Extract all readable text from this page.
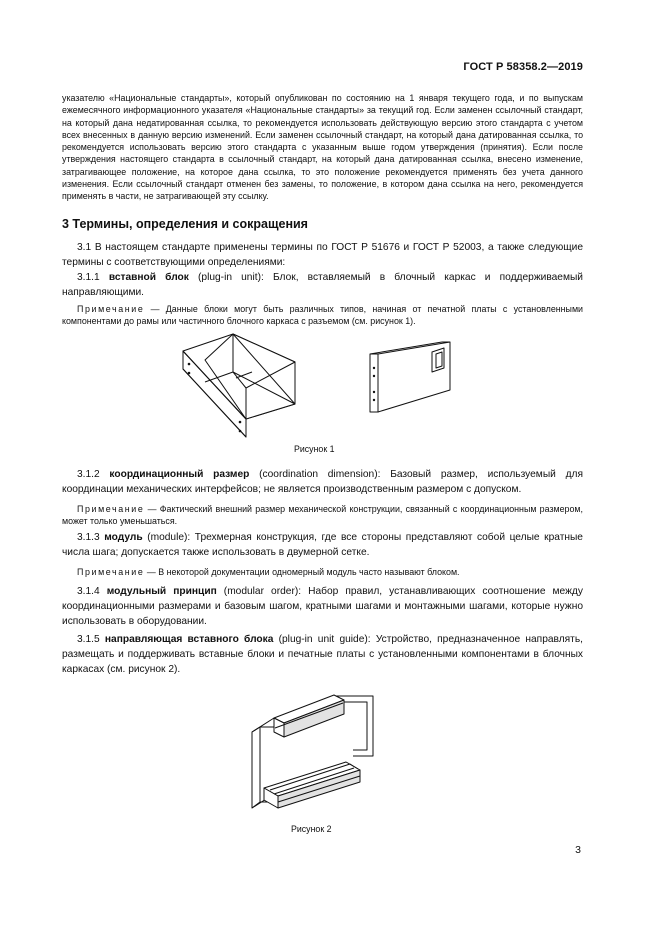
ГОСТ Р 58358.2—2019
указателю «Национальные стандарты», который опубликован по состоянию на 1 января текущего года, и по выпускам ежемесячного информационного указателя «Национальные стандарты» за текущий год. Если заменен ссылочный стандарт, на который дана недатированная ссылка, то рекомендуется использовать действующую версию этого стандарта с учетом всех внесенных в данную версию изменений. Если заменен ссылочный стандарт, на который дана датированная ссылка, то рекомендуется использовать версию этого стандарта с указанным выше годом утверждения (принятия). Если после утверждения настоящего стандарта в ссылочный стандарт, на который дана датированная ссылка, внесено изменение, затрагивающее положение, на которое дана ссылка, то это положение рекомендуется применять без учета данного изменения. Если ссылочный стандарт отменен без замены, то положение, в котором дана ссылка на него, рекомендуется применять в части, не затрагивающей эту ссылку.
3 Термины, определения и сокращения

3.1 В настоящем стандарте применены термины по ГОСТ Р 51676 и ГОСТ Р 52003, а также следующие термины с соответствующими определениями:

3.1.1 вставной блок (plug-in unit): Блок, вставляемый в блочный каркас и поддерживаемый направляющими.

Примечание — Данные блоки могут быть различных типов, начиная от печатной платы с установленными компонентами до рамы или частичного блочного каркаса с разъемом (см. рисунок 1).

Рисунок 1

3.1.2 координационный размер (coordination dimension): Базовый размер, используемый для координации механических интерфейсов; не является производственным размером с допуском.

Примечание — Фактический внешний размер механической конструкции, связанный с координационным размером, может только уменьшаться.

3.1.3 модуль (module): Трехмерная конструкция, где все стороны представляют собой целые кратные числа шага; допускается также использовать в двумерной сетке.

Примечание — В некоторой документации одномерный модуль часто называют блоком.

3.1.4 модульный принцип (modular order): Набор правил, устанавливающих соотношение между координационными размерами и базовым шагом, кратными шагами и монтажными шагами, которые нужно использовать в оборудовании.

3.1.5 направляющая вставного блока (plug-in unit guide): Устройство, предназначенное направлять, размещать и поддерживать вставные блоки и печатные платы с установленными компонентами в блочных каркасах (см. рисунок 2).

Рисунок 2
3
